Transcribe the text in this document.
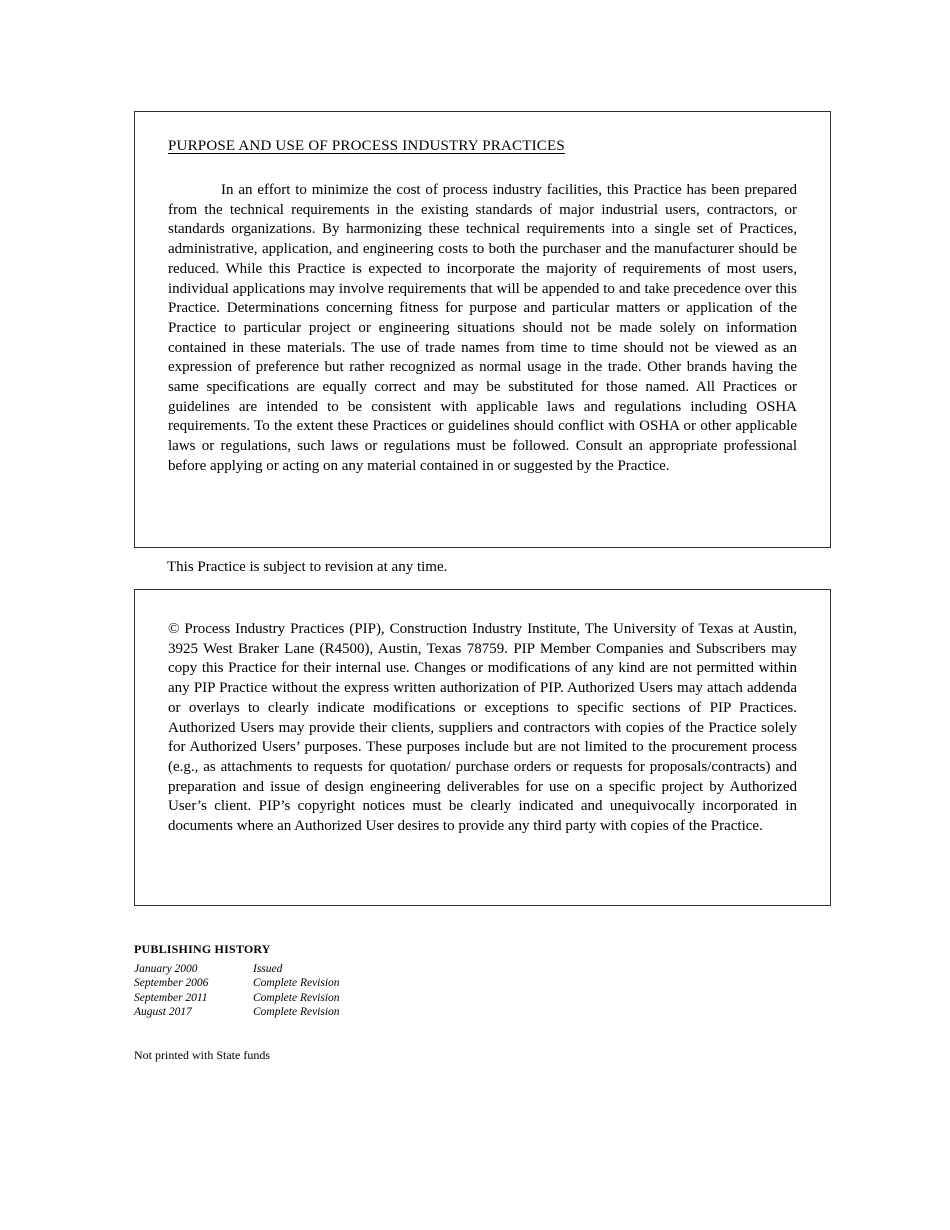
PURPOSE AND USE OF PROCESS INDUSTRY PRACTICES

In an effort to minimize the cost of process industry facilities, this Practice has been prepared from the technical requirements in the existing standards of major industrial users, contractors, or standards organizations. By harmonizing these technical requirements into a single set of Practices, administrative, application, and engineering costs to both the purchaser and the manufacturer should be reduced. While this Practice is expected to incorporate the majority of requirements of most users, individual applications may involve requirements that will be appended to and take precedence over this Practice. Determinations concerning fitness for purpose and particular matters or application of the Practice to particular project or engineering situations should not be made solely on information contained in these materials. The use of trade names from time to time should not be viewed as an expression of preference but rather recognized as normal usage in the trade. Other brands having the same specifications are equally correct and may be substituted for those named. All Practices or guidelines are intended to be consistent with applicable laws and regulations including OSHA requirements. To the extent these Practices or guidelines should conflict with OSHA or other applicable laws or regulations, such laws or regulations must be followed. Consult an appropriate professional before applying or acting on any material contained in or suggested by the Practice.

This Practice is subject to revision at any time.

© Process Industry Practices (PIP), Construction Industry Institute, The University of Texas at Austin, 3925 West Braker Lane (R4500), Austin, Texas 78759. PIP Member Companies and Subscribers may copy this Practice for their internal use. Changes or modifications of any kind are not permitted within any PIP Practice without the express written authorization of PIP. Authorized Users may attach addenda or overlays to clearly indicate modifications or exceptions to specific sections of PIP Practices. Authorized Users may provide their clients, suppliers and contractors with copies of the Practice solely for Authorized Users’ purposes. These purposes include but are not limited to the procurement process (e.g., as attachments to requests for quotation/ purchase orders or requests for proposals/contracts) and preparation and issue of design engineering deliverables for use on a specific project by Authorized User’s client. PIP’s copyright notices must be clearly indicated and unequivocally incorporated in documents where an Authorized User desires to provide any third party with copies of the Practice.

PUBLISHING HISTORY
January 2000	Issued
September 2006	Complete Revision
September 2011	Complete Revision
August 2017	Complete Revision
Not printed with State funds
